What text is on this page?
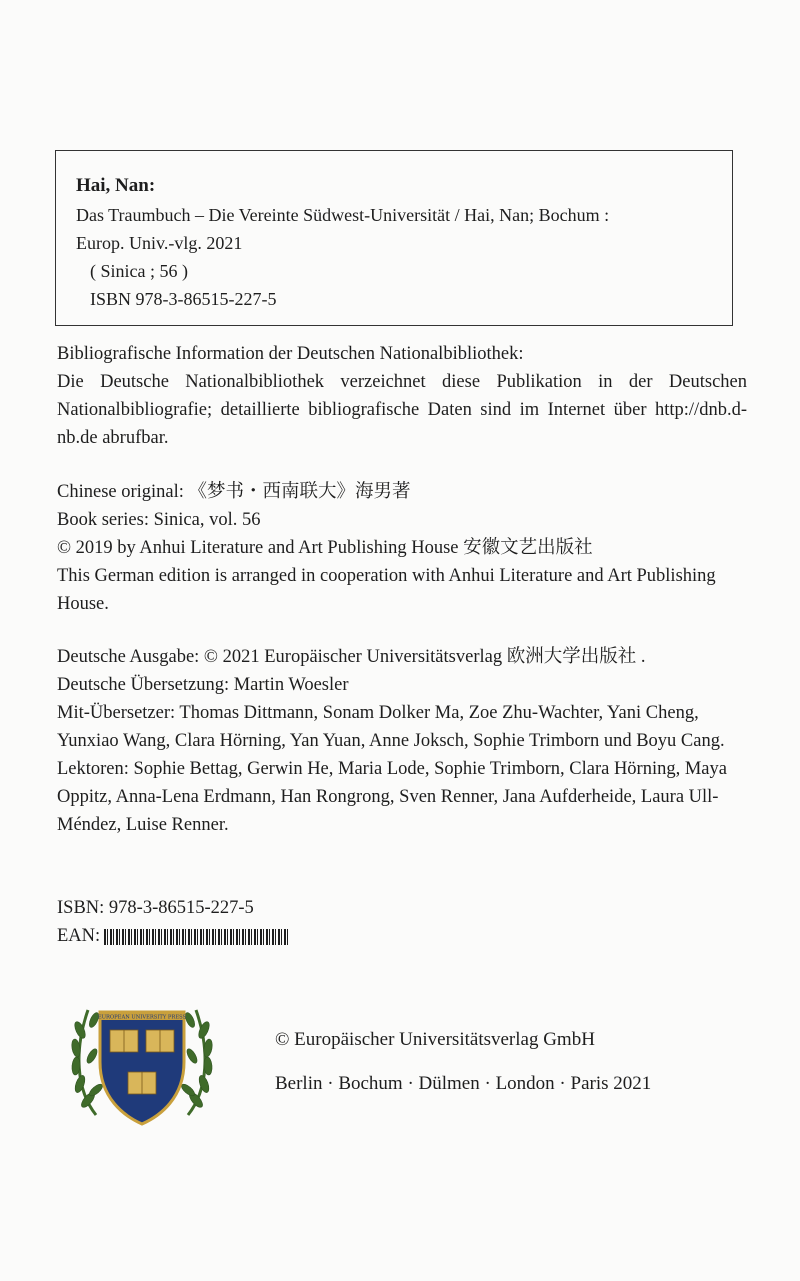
Hai, Nan:
Das Traumbuch – Die Vereinte Südwest-Universität / Hai, Nan; Bochum :
Europ. Univ.-vlg. 2021
( Sinica ; 56 )
ISBN 978-3-86515-227-5

Bibliografische Information der Deutschen Nationalbibliothek:

Die Deutsche Nationalbibliothek verzeichnet diese Publikation in der Deutschen Nationalbibliografie; detaillierte bibliografische Daten sind im Internet über http://dnb.d-nb.de abrufbar.

Chinese original: 《梦书・西南联大》海男著

Book series: Sinica, vol. 56

© 2019 by Anhui Literature and Art Publishing House 安徽文艺出版社

This German edition is arranged in cooperation with Anhui Literature and Art Publishing House.

Deutsche Ausgabe: © 2021 Europäischer Universitätsverlag 欧洲大学出版社 .

Deutsche Übersetzung: Martin Woesler

Mit-Übersetzer: Thomas Dittmann, Sonam Dolker Ma, Zoe Zhu-Wachter, Yani Cheng, Yunxiao Wang, Clara Hörning, Yan Yuan, Anne Joksch, Sophie Trimborn und Boyu Cang.

Lektoren: Sophie Bettag, Gerwin He, Maria Lode, Sophie Trimborn, Clara Hörning, Maya Oppitz, Anna-Lena Erdmann, Han Rongrong, Sven Renner, Jana Aufderheide, Laura Ull-Méndez, Luise Renner.

ISBN: 978-3-86515-227-5

EAN:

EUROPEAN UNIVERSITY PRESS
© Europäischer Universitätsverlag GmbH
Berlin · Bochum · Dülmen · London · Paris 2021
